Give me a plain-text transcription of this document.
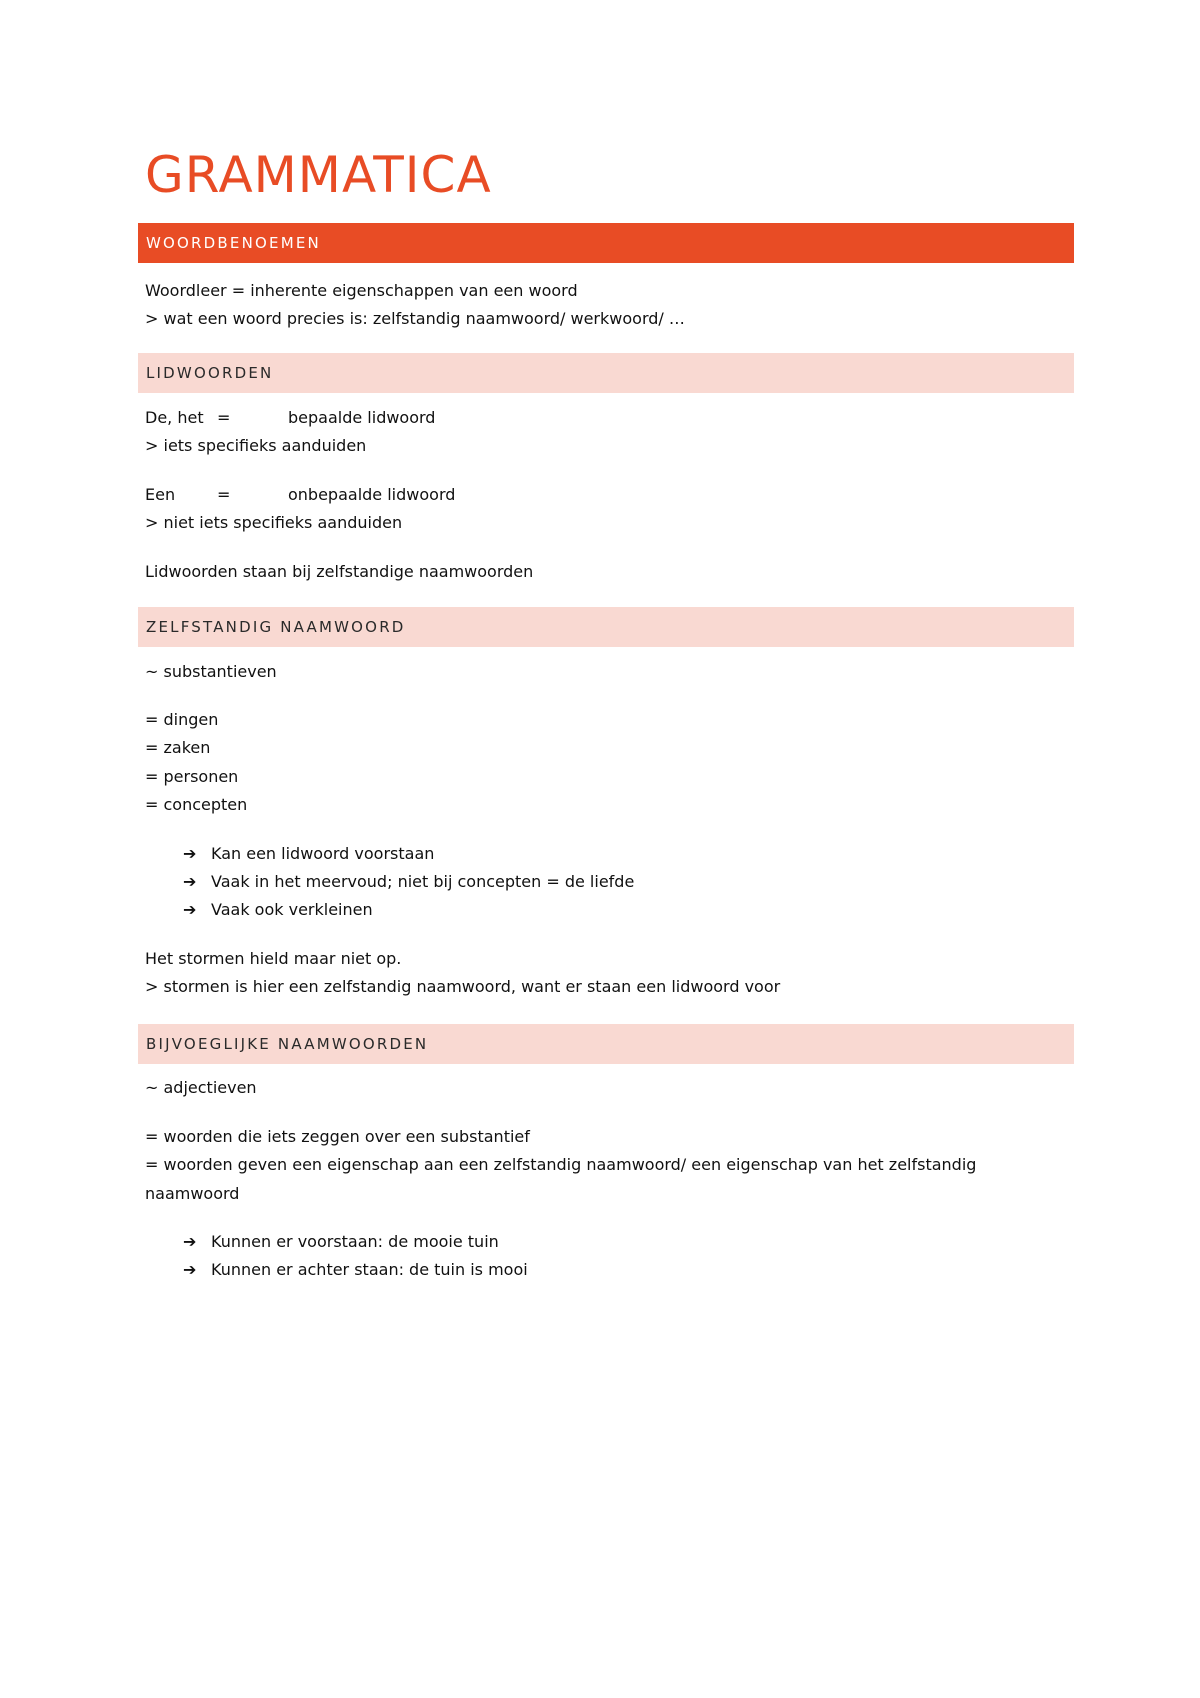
GRAMMATICA
WOORDBENOEMEN
Woordleer = inherente eigenschappen van een woord
> wat een woord precies is: zelfstandig naamwoord/ werkwoord/ …
LIDWOORDEN
De, het =	bepaalde lidwoord
> iets specifieks aanduiden
Een	=	onbepaalde lidwoord
> niet iets specifieks aanduiden
Lidwoorden staan bij zelfstandige naamwoorden
ZELFSTANDIG NAAMWOORD
~ substantieven
= dingen
= zaken
= personen
= concepten
➔ Kan een lidwoord voorstaan
➔ Vaak in het meervoud; niet bij concepten = de liefde
➔ Vaak ook verkleinen
Het stormen hield maar niet op.
> stormen is hier een zelfstandig naamwoord, want er staan een lidwoord voor
BIJVOEGLIJKE NAAMWOORDEN
~ adjectieven
= woorden die iets zeggen over een substantief
= woorden geven een eigenschap aan een zelfstandig naamwoord/ een eigenschap van het zelfstandig
naamwoord
➔ Kunnen er voorstaan: de mooie tuin
➔ Kunnen er achter staan: de tuin is mooi
